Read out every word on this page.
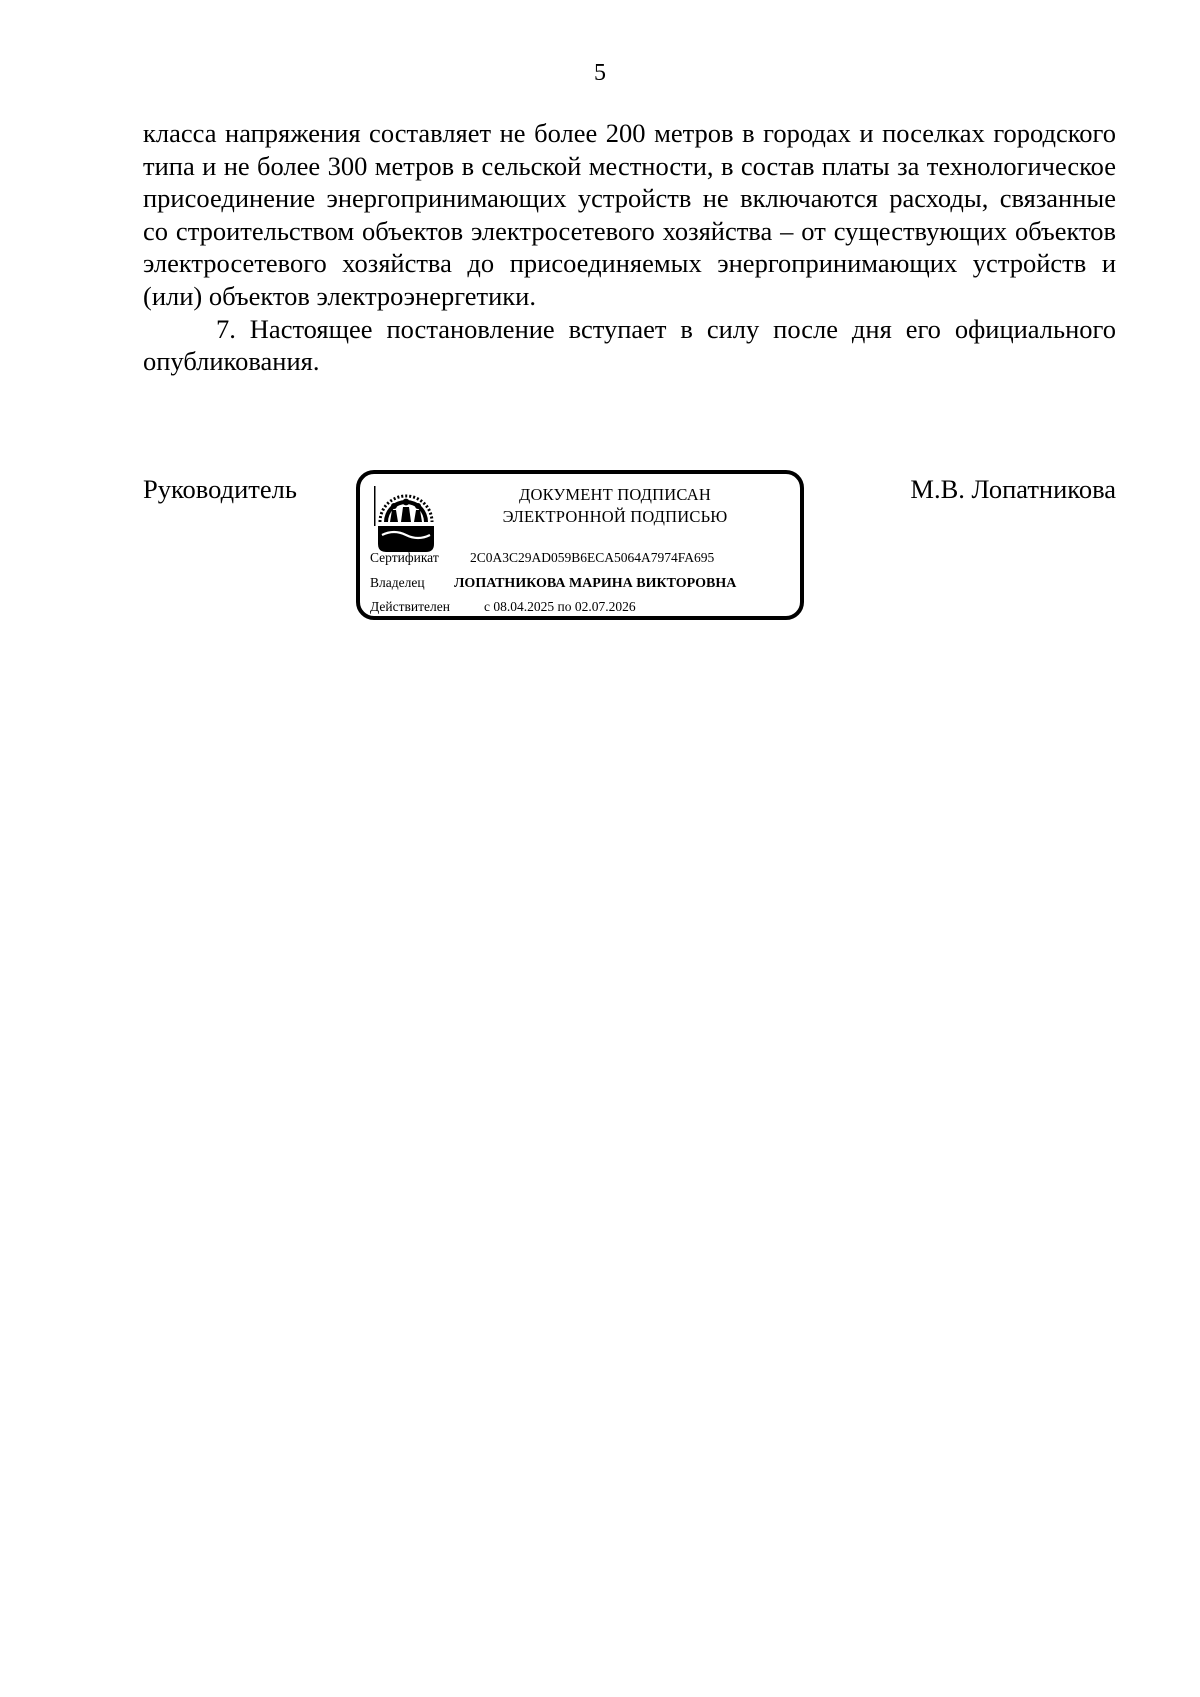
5

класса напряжения составляет не более 200 метров в городах и поселках городского типа и не более 300 метров в сельской местности, в состав платы за технологическое присоединение энергопринимающих устройств не включаются расходы, связанные со строительством объектов электросетевого хозяйства – от существующих объектов электросетевого хозяйства до присоединяемых энергопринимающих устройств и (или) объектов электроэнергетики.

7. Настоящее постановление вступает в силу после дня его официального опубликования.

Руководитель	М.В. Лопатникова
ДОКУМЕНТ ПОДПИСАН
ЭЛЕКТРОННОЙ ПОДПИСЬЮ
Сертификат 2C0A3C29AD059B6ECA5064A7974FA695
Владелец ЛОПАТНИКОВА МАРИНА ВИКТОРОВНА
Действителен	с 08.04.2025 по 02.07.2026
